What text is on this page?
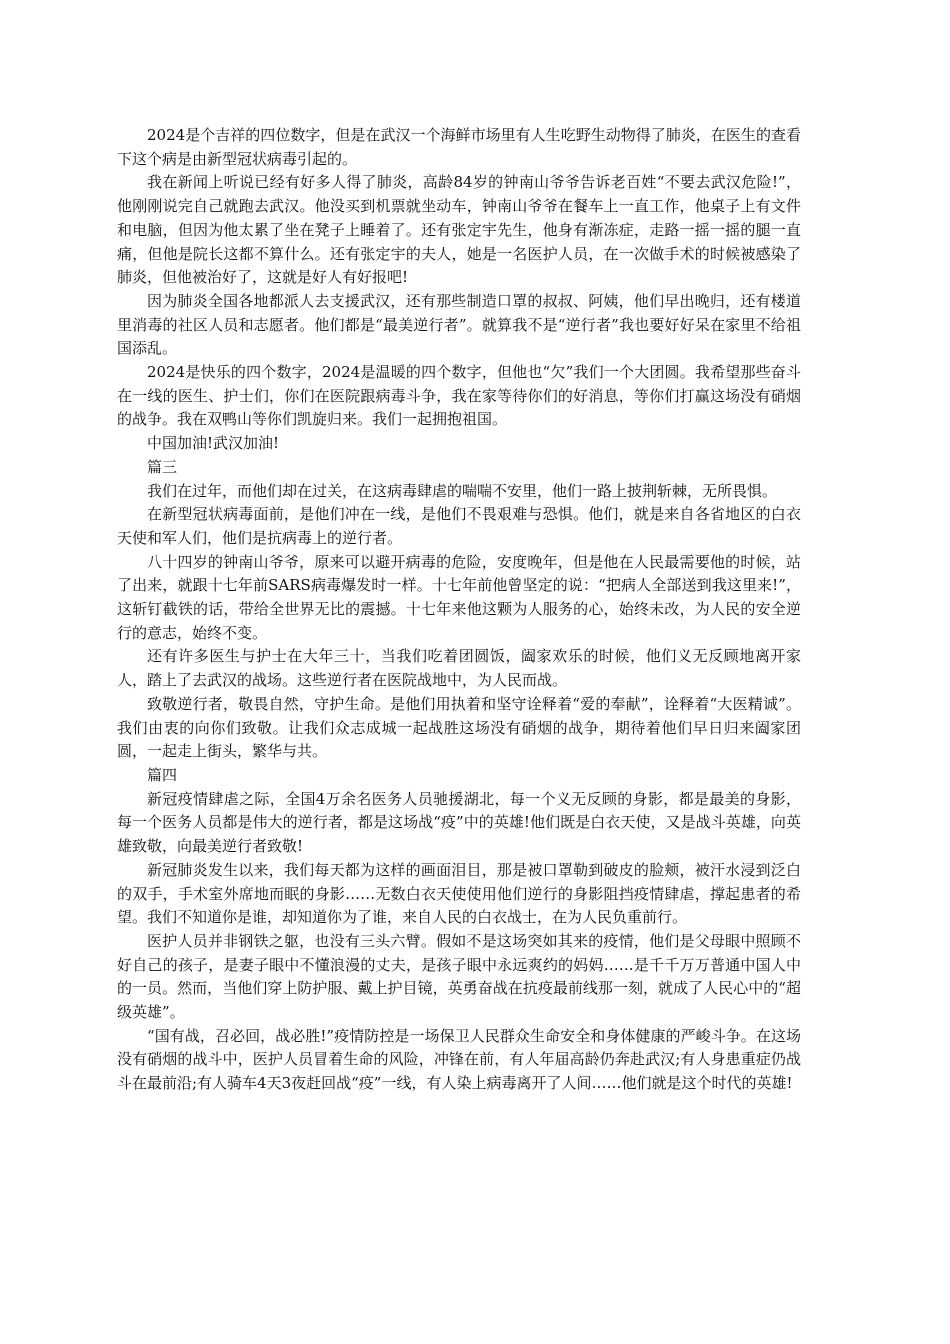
2024是个吉祥的四位数字，但是在武汉一个海鲜市场里有人生吃野生动物得了肺炎，在医生的查看下这个病是由新型冠状病毒引起的。

我在新闻上听说已经有好多人得了肺炎，高龄84岁的钟南山爷爷告诉老百姓“不要去武汉危险!”，他刚刚说完自己就跑去武汉。他没买到机票就坐动车，钟南山爷爷在餐车上一直工作，他桌子上有文件和电脑，但因为他太累了坐在凳子上睡着了。还有张定宇先生，他身有渐冻症，走路一摇一摇的腿一直痛，但他是院长这都不算什么。还有张定宇的夫人，她是一名医护人员，在一次做手术的时候被感染了肺炎，但他被治好了，这就是好人有好报吧!

因为肺炎全国各地都派人去支援武汉，还有那些制造口罩的叔叔、阿姨，他们早出晚归，还有楼道里消毒的社区人员和志愿者。他们都是“最美逆行者”。就算我不是“逆行者”我也要好好呆在家里不给祖国添乱。

2024是快乐的四个数字，2024是温暖的四个数字，但他也“欠”我们一个大团圆。我希望那些奋斗在一线的医生、护士们，你们在医院跟病毒斗争，我在家等待你们的好消息，等你们打赢这场没有硝烟的战争。我在双鸭山等你们凯旋归来。我们一起拥抱祖国。

中国加油!武汉加油!

篇三

我们在过年，而他们却在过关，在这病毒肆虐的喘喘不安里，他们一路上披荆斩棘，无所畏惧。

在新型冠状病毒面前，是他们冲在一线，是他们不畏艰难与恐惧。他们，就是来自各省地区的白衣天使和军人们，他们是抗病毒上的逆行者。

八十四岁的钟南山爷爷，原来可以避开病毒的危险，安度晚年，但是他在人民最需要他的时候，站了出来，就跟十七年前SARS病毒爆发时一样。十七年前他曾坚定的说：“把病人全部送到我这里来!”，这斩钉截铁的话，带给全世界无比的震撼。十七年来他这颗为人服务的心，始终未改，为人民的安全逆行的意志，始终不变。

还有许多医生与护士在大年三十，当我们吃着团圆饭，阖家欢乐的时候，他们义无反顾地离开家人，踏上了去武汉的战场。这些逆行者在医院战地中，为人民而战。

致敬逆行者，敬畏自然，守护生命。是他们用执着和坚守诠释着“爱的奉献”，诠释着“大医精诚”。我们由衷的向你们致敬。让我们众志成城一起战胜这场没有硝烟的战争，期待着他们早日归来阖家团圆，一起走上街头，繁华与共。

篇四

新冠疫情肆虐之际，全国4万余名医务人员驰援湖北，每一个义无反顾的身影，都是最美的身影，每一个医务人员都是伟大的逆行者，都是这场战“疫”中的英雄!他们既是白衣天使，又是战斗英雄，向英雄致敬，向最美逆行者致敬!

新冠肺炎发生以来，我们每天都为这样的画面泪目，那是被口罩勒到破皮的脸颊，被汗水浸到泛白的双手，手术室外席地而眠的身影……无数白衣天使使用他们逆行的身影阻挡疫情肆虐，撑起患者的希望。我们不知道你是谁，却知道你为了谁，来自人民的白衣战士，在为人民负重前行。

医护人员并非钢铁之躯，也没有三头六臂。假如不是这场突如其来的疫情，他们是父母眼中照顾不好自己的孩子，是妻子眼中不懂浪漫的丈夫，是孩子眼中永远爽约的妈妈……是千千万万普通中国人中的一员。然而，当他们穿上防护服、戴上护目镜，英勇奋战在抗疫最前线那一刻，就成了人民心中的“超级英雄”。

“国有战，召必回，战必胜!”疫情防控是一场保卫人民群众生命安全和身体健康的严峻斗争。在这场没有硝烟的战斗中，医护人员冒着生命的风险，冲锋在前，有人年届高龄仍奔赴武汉;有人身患重症仍战斗在最前沿;有人骑车4天3夜赶回战“疫”一线，有人染上病毒离开了人间……他们就是这个时代的英雄!
